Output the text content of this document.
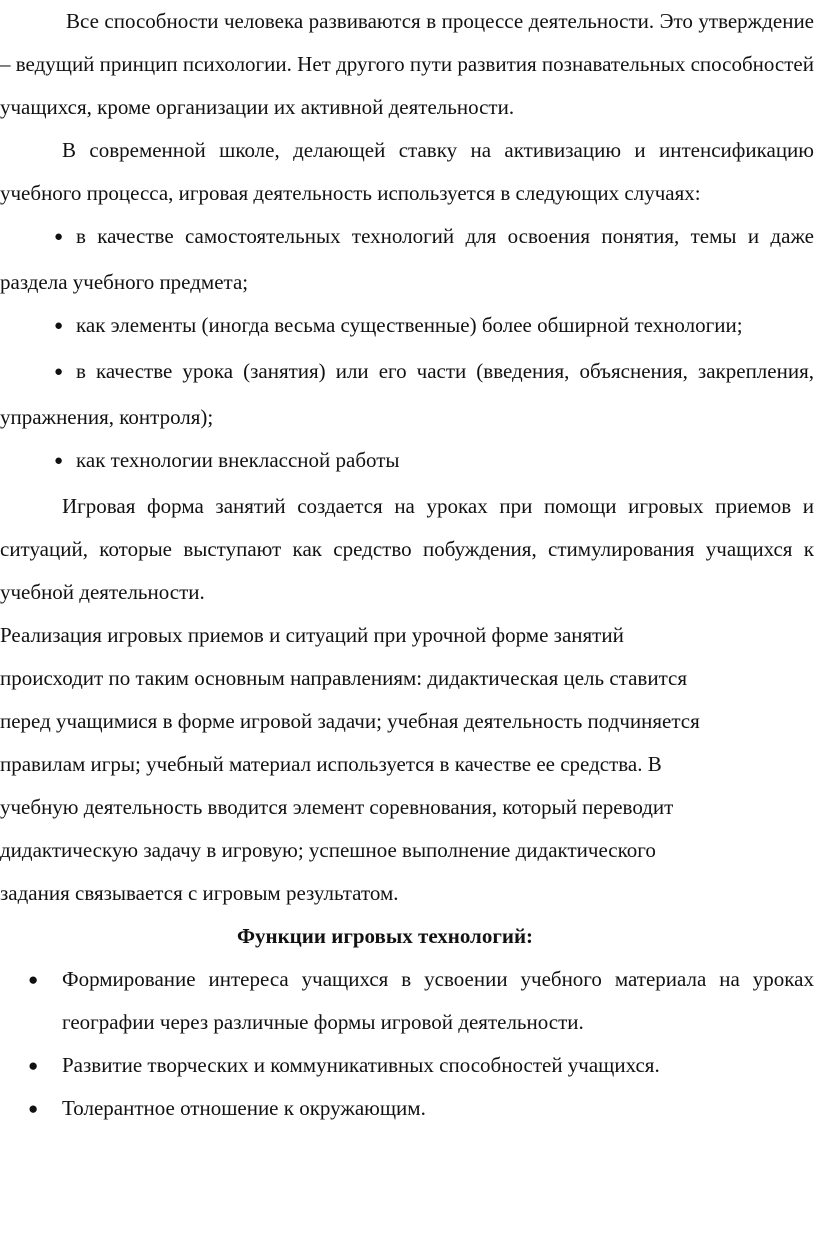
Все способности человека развиваются в процессе деятельности. Это утверждение – ведущий принцип психологии. Нет другого пути развития познавательных способностей учащихся, кроме организации их активной деятельности.

В современной школе, делающей ставку на активизацию и интенсификацию учебного процесса, игровая деятельность используется в следующих случаях:

● в качестве самостоятельных технологий для освоения понятия, темы и даже раздела учебного предмета;

● как элементы (иногда весьма существенные) более обширной технологии;

● в качестве урока (занятия) или его части (введения, объяснения, закрепления, упражнения, контроля);

● как технологии внеклассной работы

Игровая форма занятий создается на уроках при помощи игровых приемов и ситуаций, которые выступают как средство побуждения, стимулирования учащихся к учебной деятельности.

Реализация игровых приемов и ситуаций при урочной форме занятий
происходит по таким основным направлениям: дидактическая цель ставится
перед учащимися в форме игровой задачи; учебная деятельность подчиняется
правилам игры; учебный материал используется в качестве ее средства. В
учебную деятельность вводится элемент соревнования, который переводит
дидактическую задачу в игровую; успешное выполнение дидактического
задания связывается с игровым результатом.

Функции игровых технологий:

● Формирование интереса учащихся в усвоении учебного материала на уроках географии через различные формы игровой деятельности.
● Развитие творческих и коммуникативных способностей учащихся.
● Толерантное отношение к окружающим.
